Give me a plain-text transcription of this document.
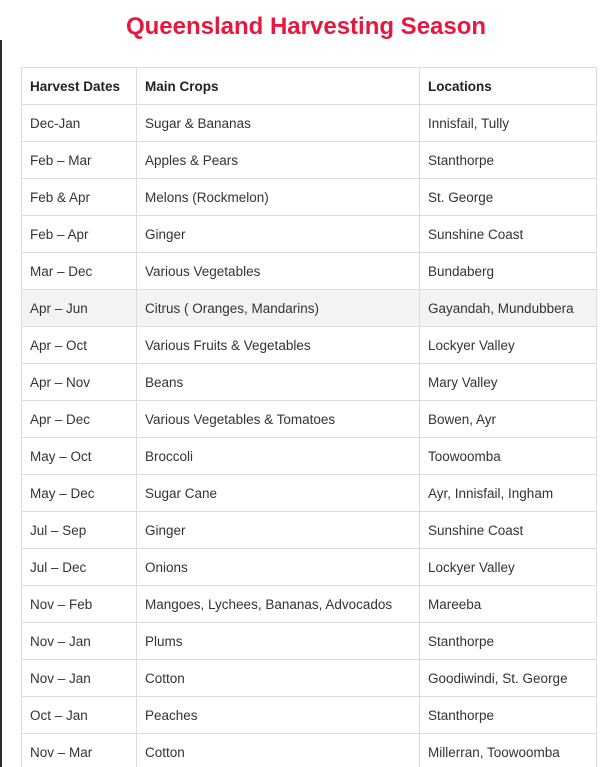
Queensland Harvesting Season
Harvest Dates	Main Crops	Locations
Dec-Jan	Sugar & Bananas	Innisfail, Tully
Feb – Mar	Apples & Pears	Stanthorpe
Feb & Apr	Melons (Rockmelon)	St. George
Feb – Apr	Ginger	Sunshine Coast
Mar – Dec	Various Vegetables	Bundaberg
Apr – Jun	Citrus ( Oranges, Mandarins)	Gayandah, Mundubbera
Apr – Oct	Various Fruits & Vegetables	Lockyer Valley
Apr – Nov	Beans	Mary Valley
Apr – Dec	Various Vegetables & Tomatoes	Bowen, Ayr
May – Oct	Broccoli	Toowoomba
May – Dec	Sugar Cane	Ayr, Innisfail, Ingham
Jul – Sep	Ginger	Sunshine Coast
Jul – Dec	Onions	Lockyer Valley
Nov – Feb	Mangoes, Lychees, Bananas, Advocados	Mareeba
Nov – Jan	Plums	Stanthorpe
Nov – Jan	Cotton	Goodiwindi, St. George
Oct – Jan	Peaches	Stanthorpe
Nov – Mar	Cotton	Millerran, Toowoomba
